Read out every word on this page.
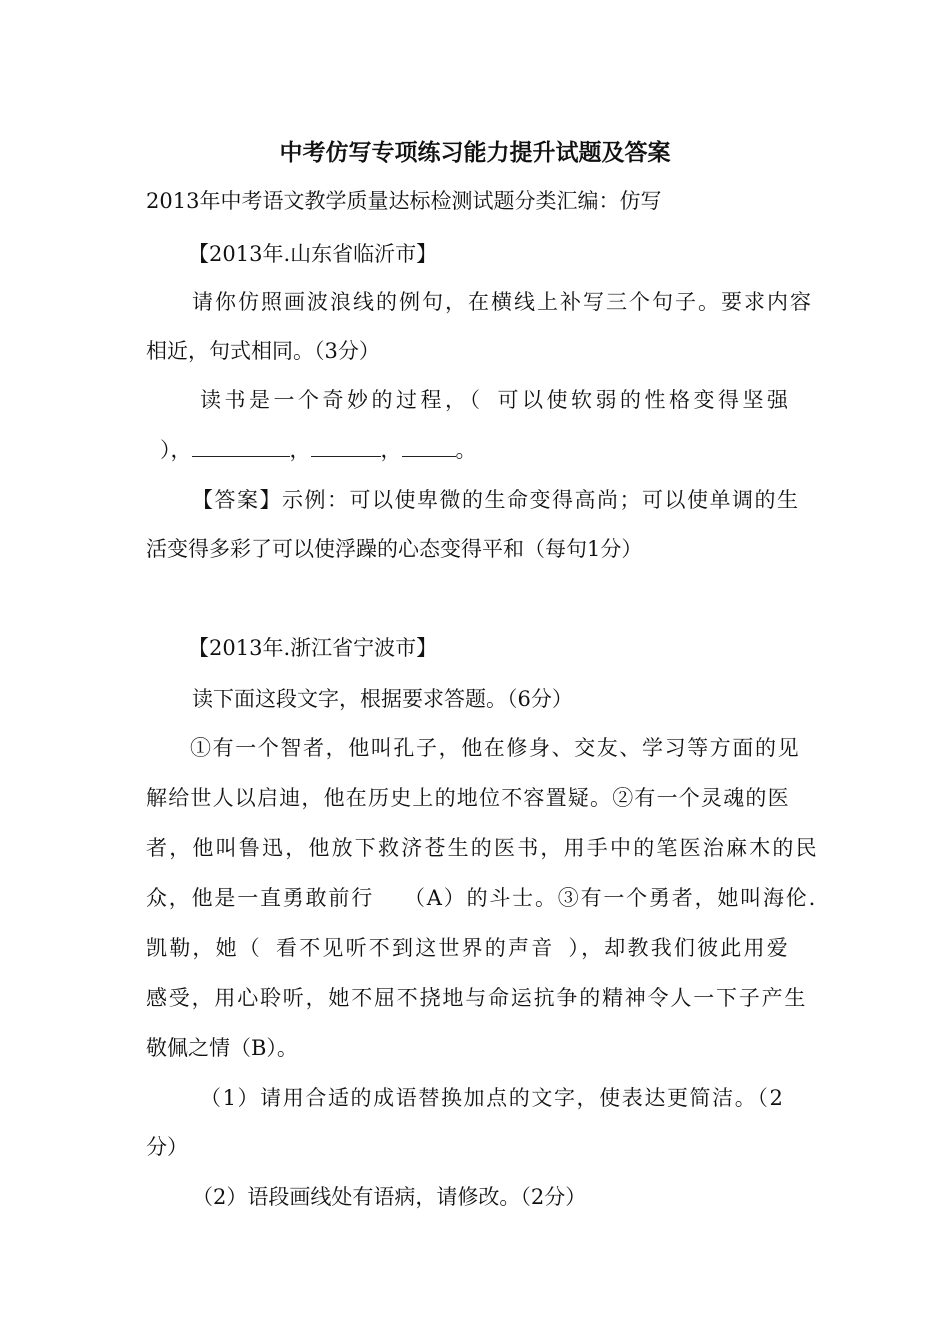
中考仿写专项练习能力提升试题及答案
2013年中考语文教学质量达标检测试题分类汇编：仿写
【2013年.山东省临沂市】
请你仿照画波浪线的例句，在横线上补写三个句子。要求内容
相近，句式相同。（3分）
读书是一个奇妙的过程，（ 可以使软弱的性格变得坚强
），	，	，	。
【答案】示例：可以使卑微的生命变得高尚；可以使单调的生
活变得多彩了可以使浮躁的心态变得平和（每句1分）
【2013年.浙江省宁波市】
读下面这段文字，根据要求答题。（6分）
①有一个智者，他叫孔子，他在修身、交友、学习等方面的见
解给世人以启迪，他在历史上的地位不容置疑。②有一个灵魂的医
者，他叫鲁迅，他放下救济苍生的医书，用手中的笔医治麻木的民
众，他是一直勇敢前行 （A）的斗士。③有一个勇者，她叫海伦.
凯勒，她（ 看不见听不到这世界的声音 ），却教我们彼此用爱
感受，用心聆听，她不屈不挠地与命运抗争的精神令人一下子产生
敬佩之情（B）。
（1）请用合适的成语替换加点的文字，使表达更简洁。（2
分）
（2）语段画线处有语病，请修改。（2分）
